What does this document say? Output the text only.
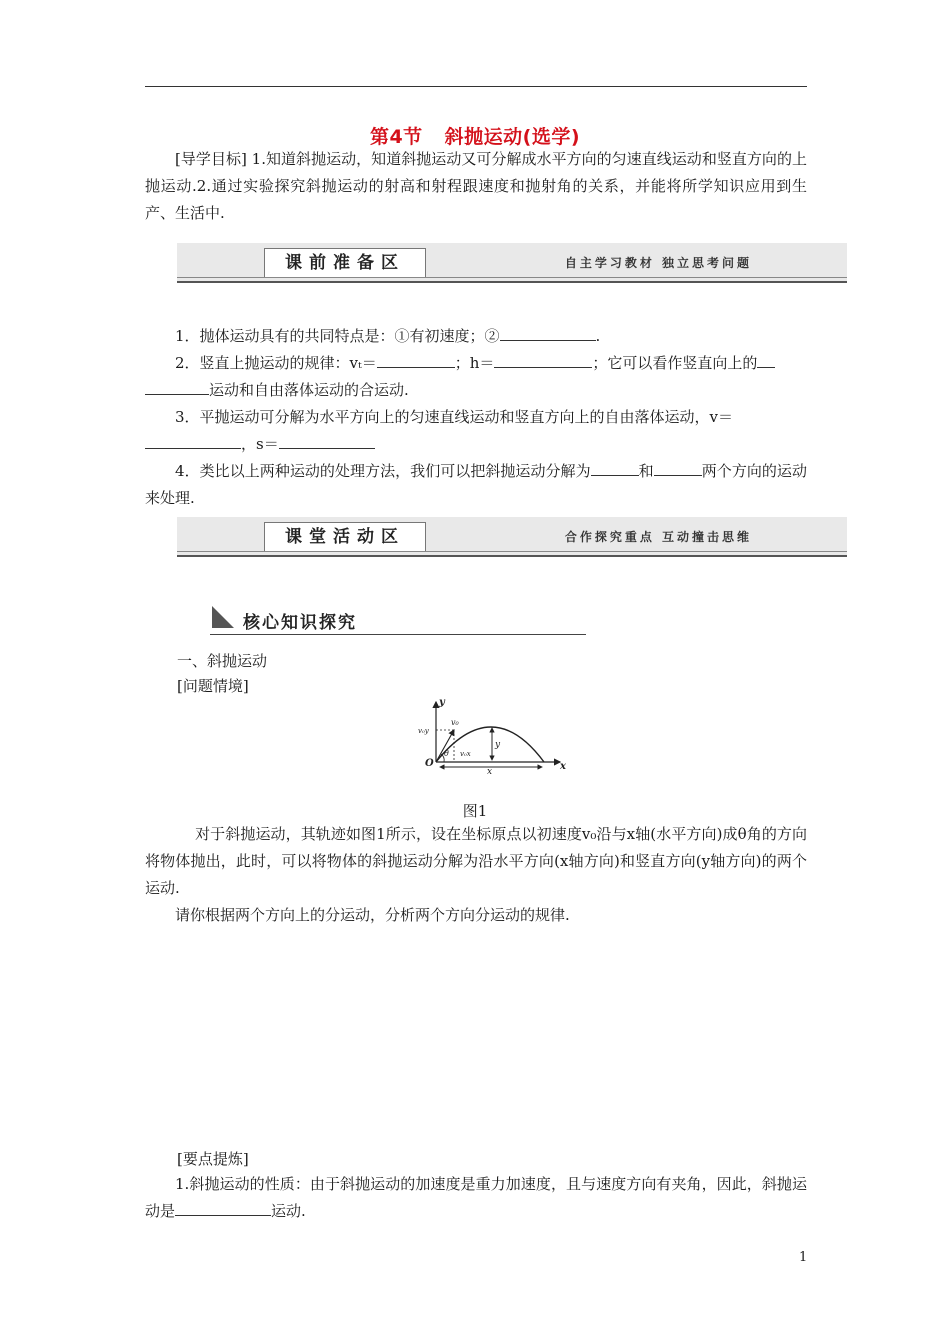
第4节 斜抛运动(选学)
[导学目标] 1.知道斜抛运动，知道斜抛运动又可分解成水平方向的匀速直线运动和竖直方向的上抛运动.2.通过实验探究斜抛运动的射高和射程跟速度和抛射角的关系，并能将所学知识应用到生产、生活中.
课前准备区	自主学习教材 独立思考问题
1．抛体运动具有的共同特点是：①有初速度；②	.
2．竖直上抛运动的规律：vₜ＝	；h＝	；它可以看作竖直向上的
运动和自由落体运动的合运动.
3．平抛运动可分解为水平方向上的匀速直线运动和竖直方向上的自由落体运动，v＝
，s＝
4．类比以上两种运动的处理方法，我们可以把斜抛运动分解为	和	两个方向的运动来处理.
课堂活动区	合作探究重点 互动撞击思维
核心知识探究
一、斜抛运动
[问题情境]
y
x
O
v₀
v₀y
v₀x
θ
y
x
图1
对于斜抛运动，其轨迹如图1所示，设在坐标原点以初速度v₀沿与x轴(水平方向)成θ角的方向将物体抛出，此时，可以将物体的斜抛运动分解为沿水平方向(x轴方向)和竖直方向(y轴方向)的两个运动.
请你根据两个方向上的分运动，分析两个方向分运动的规律.
[要点提炼]
1.斜抛运动的性质：由于斜抛运动的加速度是重力加速度，且与速度方向有夹角，因此，斜抛运动是	运动.
1
